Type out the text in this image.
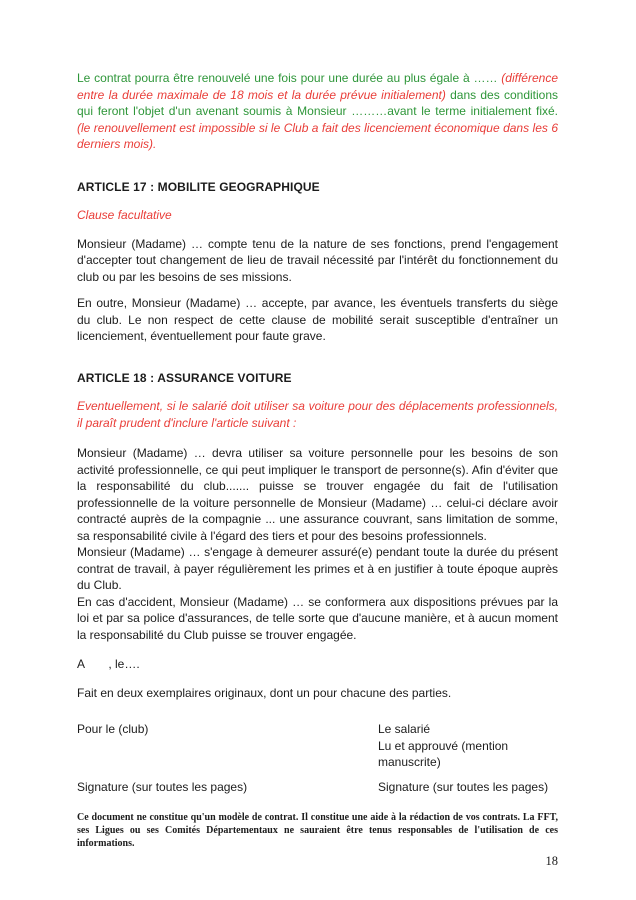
Le contrat pourra être renouvelé une fois pour une durée au plus égale à …… (différence entre la durée maximale de 18 mois et la durée prévue initialement) dans des conditions qui feront l'objet d'un avenant soumis à Monsieur ………avant le terme initialement fixé. (le renouvellement est impossible si le Club a fait des licenciement économique dans les 6 derniers mois).

ARTICLE 17 : MOBILITE GEOGRAPHIQUE

Clause facultative

Monsieur (Madame) … compte tenu de la nature de ses fonctions, prend l'engagement d'accepter tout changement de lieu de travail nécessité par l'intérêt du fonctionnement du club ou par les besoins de ses missions.

En outre, Monsieur (Madame) … accepte, par avance, les éventuels transferts du siège du club. Le non respect de cette clause de mobilité serait susceptible d'entraîner un licenciement, éventuellement pour faute grave.

ARTICLE 18 : ASSURANCE VOITURE

Eventuellement, si le salarié doit utiliser sa voiture pour des déplacements professionnels, il paraît prudent d'inclure l'article suivant :

Monsieur (Madame) … devra utiliser sa voiture personnelle pour les besoins de son activité professionnelle, ce qui peut impliquer le transport de personne(s). Afin d'éviter que la responsabilité du club....... puisse se trouver engagée du fait de l'utilisation professionnelle de la voiture personnelle de Monsieur (Madame) … celui-ci déclare avoir contracté auprès de la compagnie ... une assurance couvrant, sans limitation de somme, sa responsabilité civile à l'égard des tiers et pour des besoins professionnels.

Monsieur (Madame) … s'engage à demeurer assuré(e) pendant toute la durée du présent contrat de travail, à payer régulièrement les primes et à en justifier à toute époque auprès du Club.

En cas d'accident, Monsieur (Madame) … se conformera aux dispositions prévues par la loi et par sa police d'assurances, de telle sorte que d'aucune manière, et à aucun moment la responsabilité du Club puisse se trouver engagée.

A       , le….

Fait en deux exemplaires originaux, dont un pour chacune des parties.

Pour le (club)	Le salarié
Lu et approuvé (mention manuscrite)
Signature (sur toutes les pages)	Signature (sur toutes les pages)

Ce document ne constitue qu'un modèle de contrat. Il constitue une aide à la rédaction de vos contrats. La FFT, ses Ligues ou ses Comités Départementaux ne sauraient être tenus responsables de l'utilisation de ces informations.

18
